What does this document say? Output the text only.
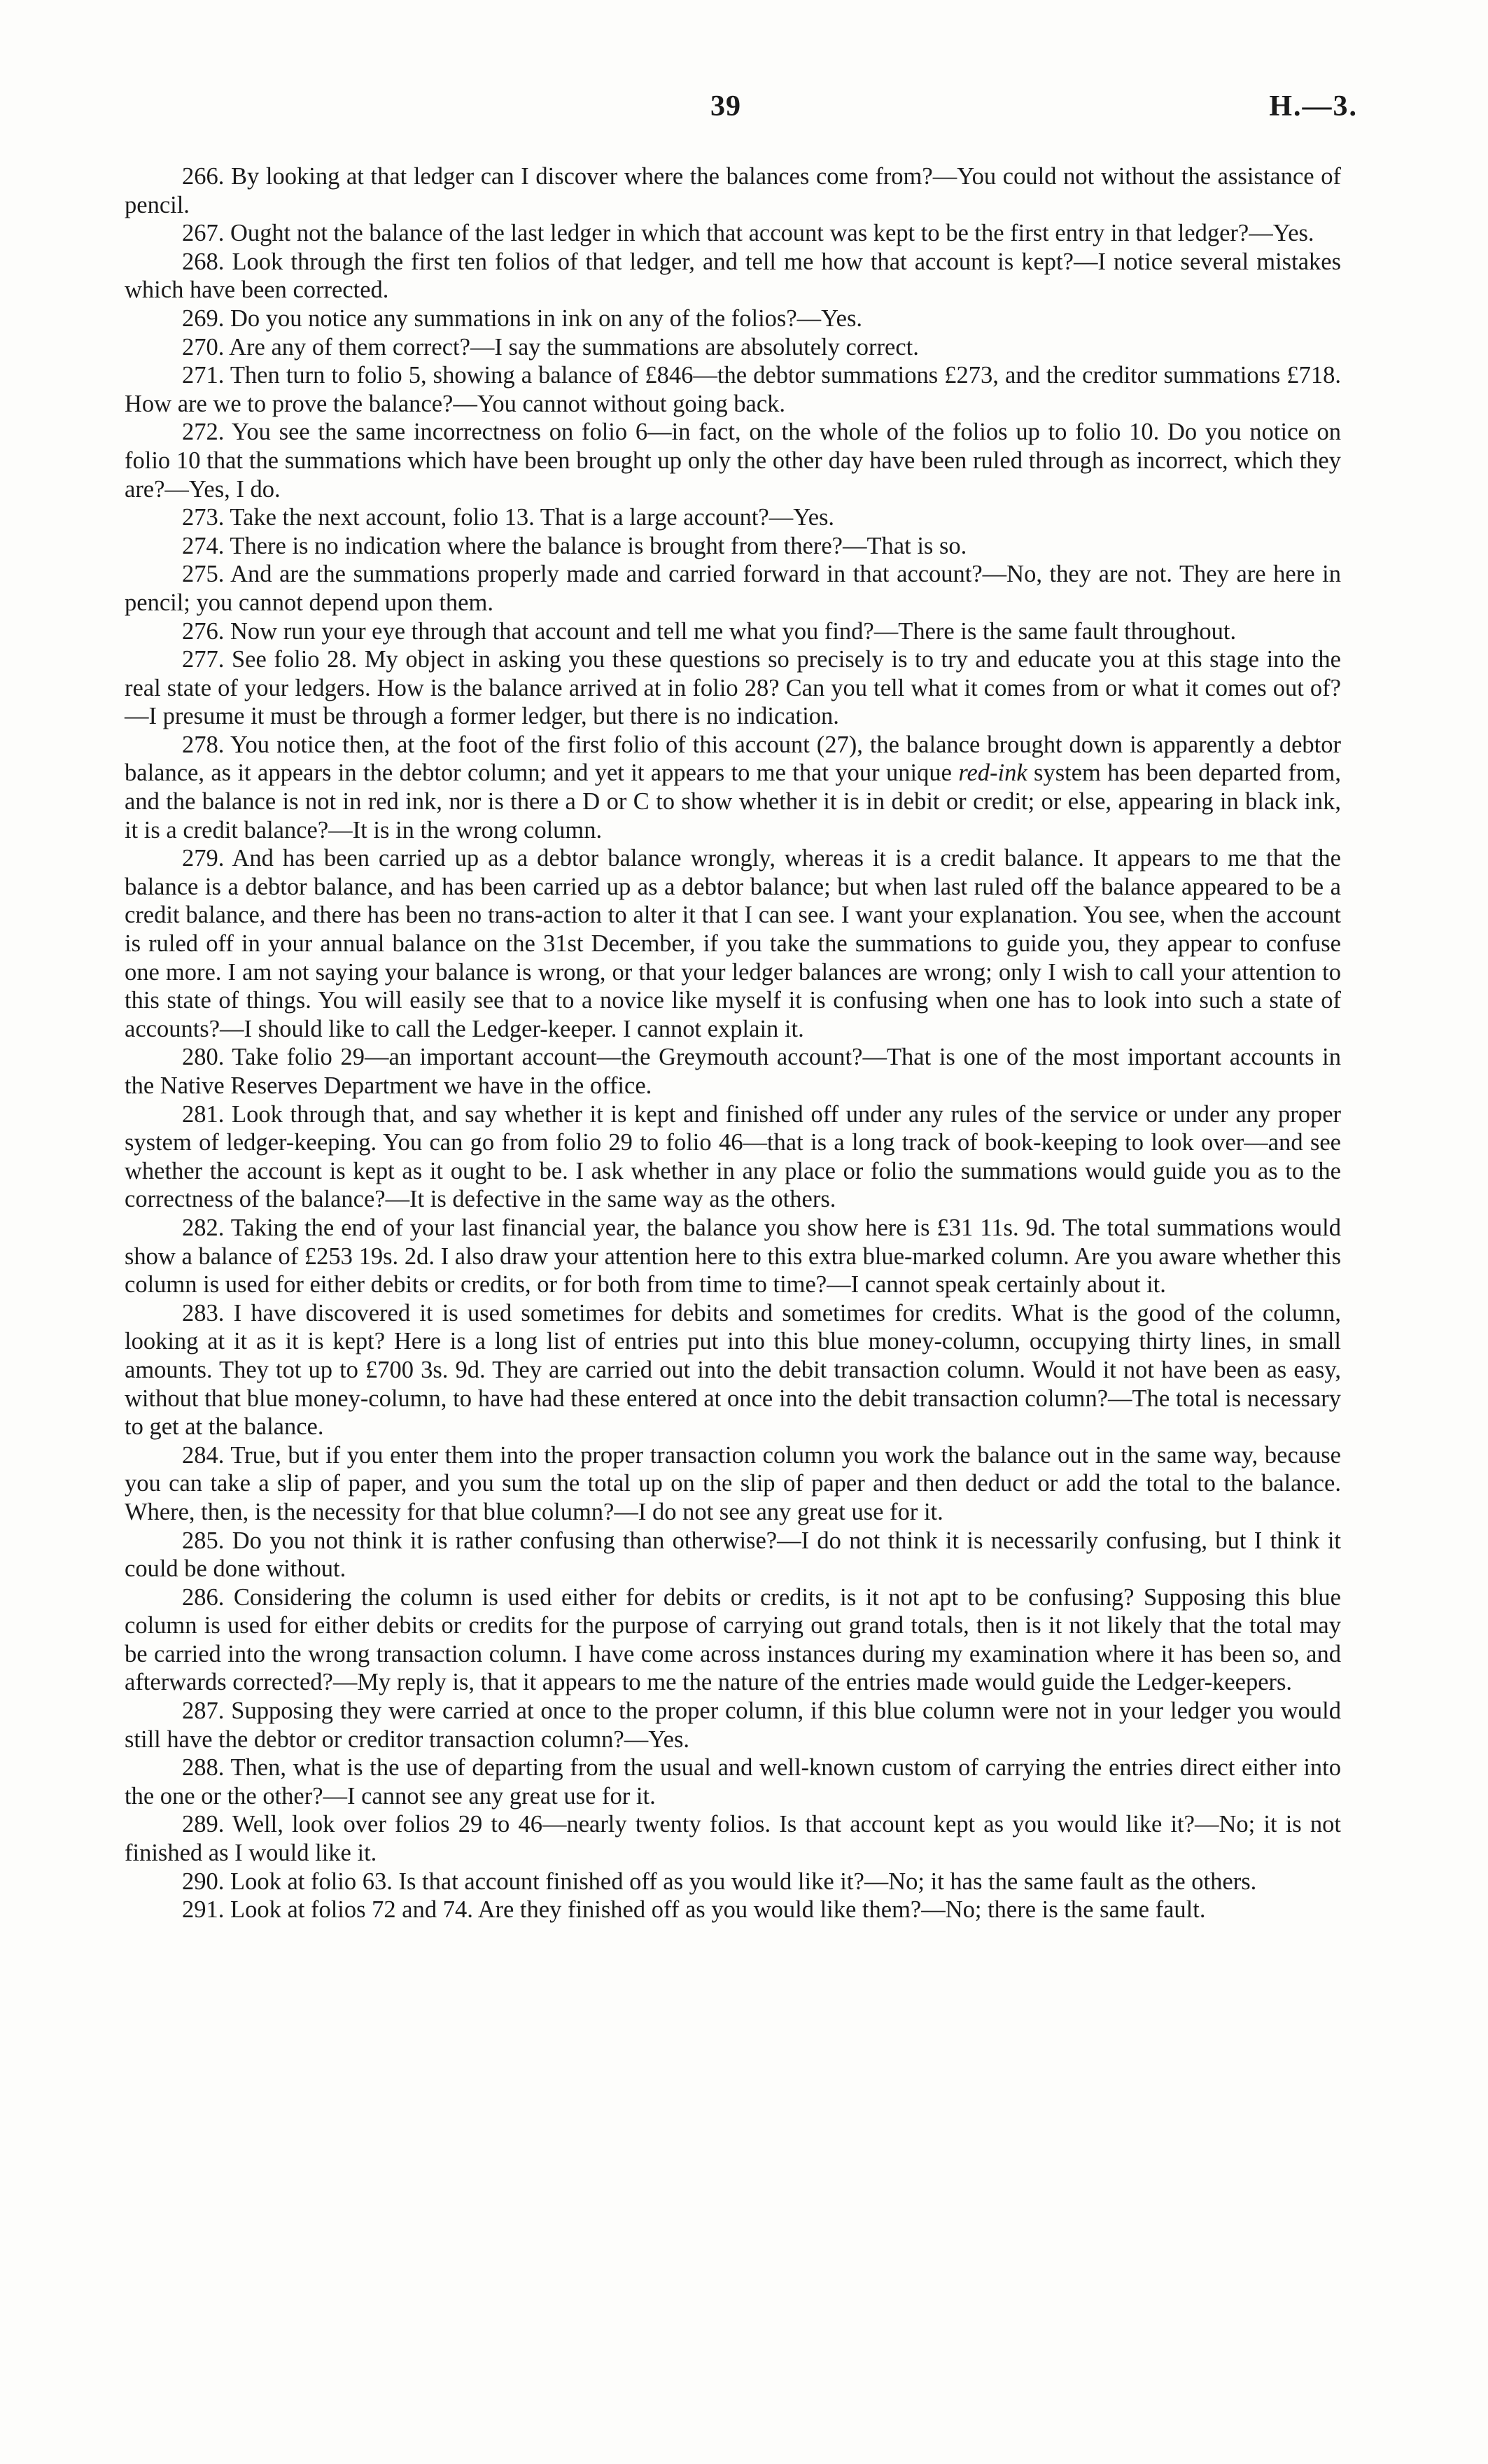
39	H.—3.

266. By looking at that ledger can I discover where the balances come from?—You could not without the assistance of pencil.

267. Ought not the balance of the last ledger in which that account was kept to be the first entry in that ledger?—Yes.

268. Look through the first ten folios of that ledger, and tell me how that account is kept?—I notice several mistakes which have been corrected.

269. Do you notice any summations in ink on any of the folios?—Yes.

270. Are any of them correct?—I say the summations are absolutely correct.

271. Then turn to folio 5, showing a balance of £846—the debtor summations £273, and the creditor summations £718. How are we to prove the balance?—You cannot without going back.

272. You see the same incorrectness on folio 6—in fact, on the whole of the folios up to folio 10. Do you notice on folio 10 that the summations which have been brought up only the other day have been ruled through as incorrect, which they are?—Yes, I do.

273. Take the next account, folio 13. That is a large account?—Yes.

274. There is no indication where the balance is brought from there?—That is so.

275. And are the summations properly made and carried forward in that account?—No, they are not. They are here in pencil; you cannot depend upon them.

276. Now run your eye through that account and tell me what you find?—There is the same fault throughout.

277. See folio 28. My object in asking you these questions so precisely is to try and educate you at this stage into the real state of your ledgers. How is the balance arrived at in folio 28? Can you tell what it comes from or what it comes out of?—I presume it must be through a former ledger, but there is no indication.

278. You notice then, at the foot of the first folio of this account (27), the balance brought down is apparently a debtor balance, as it appears in the debtor column; and yet it appears to me that your unique red-ink system has been departed from, and the balance is not in red ink, nor is there a D or C to show whether it is in debit or credit; or else, appearing in black ink, it is a credit balance?—It is in the wrong column.

279. And has been carried up as a debtor balance wrongly, whereas it is a credit balance. It appears to me that the balance is a debtor balance, and has been carried up as a debtor balance; but when last ruled off the balance appeared to be a credit balance, and there has been no trans-action to alter it that I can see. I want your explanation. You see, when the account is ruled off in your annual balance on the 31st December, if you take the summations to guide you, they appear to confuse one more. I am not saying your balance is wrong, or that your ledger balances are wrong; only I wish to call your attention to this state of things. You will easily see that to a novice like myself it is confusing when one has to look into such a state of accounts?—I should like to call the Ledger-keeper. I cannot explain it.

280. Take folio 29—an important account—the Greymouth account?—That is one of the most important accounts in the Native Reserves Department we have in the office.

281. Look through that, and say whether it is kept and finished off under any rules of the service or under any proper system of ledger-keeping. You can go from folio 29 to folio 46—that is a long track of book-keeping to look over—and see whether the account is kept as it ought to be. I ask whether in any place or folio the summations would guide you as to the correctness of the balance?—It is defective in the same way as the others.

282. Taking the end of your last financial year, the balance you show here is £31 11s. 9d. The total summations would show a balance of £253 19s. 2d. I also draw your attention here to this extra blue-marked column. Are you aware whether this column is used for either debits or credits, or for both from time to time?—I cannot speak certainly about it.

283. I have discovered it is used sometimes for debits and sometimes for credits. What is the good of the column, looking at it as it is kept? Here is a long list of entries put into this blue money-column, occupying thirty lines, in small amounts. They tot up to £700 3s. 9d. They are carried out into the debit transaction column. Would it not have been as easy, without that blue money-column, to have had these entered at once into the debit transaction column?—The total is necessary to get at the balance.

284. True, but if you enter them into the proper transaction column you work the balance out in the same way, because you can take a slip of paper, and you sum the total up on the slip of paper and then deduct or add the total to the balance. Where, then, is the necessity for that blue column?—I do not see any great use for it.

285. Do you not think it is rather confusing than otherwise?—I do not think it is necessarily confusing, but I think it could be done without.

286. Considering the column is used either for debits or credits, is it not apt to be confusing? Supposing this blue column is used for either debits or credits for the purpose of carrying out grand totals, then is it not likely that the total may be carried into the wrong transaction column. I have come across instances during my examination where it has been so, and afterwards corrected?—My reply is, that it appears to me the nature of the entries made would guide the Ledger-keepers.

287. Supposing they were carried at once to the proper column, if this blue column were not in your ledger you would still have the debtor or creditor transaction column?—Yes.

288. Then, what is the use of departing from the usual and well-known custom of carrying the entries direct either into the one or the other?—I cannot see any great use for it.

289. Well, look over folios 29 to 46—nearly twenty folios. Is that account kept as you would like it?—No; it is not finished as I would like it.

290. Look at folio 63. Is that account finished off as you would like it?—No; it has the same fault as the others.

291. Look at folios 72 and 74. Are they finished off as you would like them?—No; there is the same fault.
